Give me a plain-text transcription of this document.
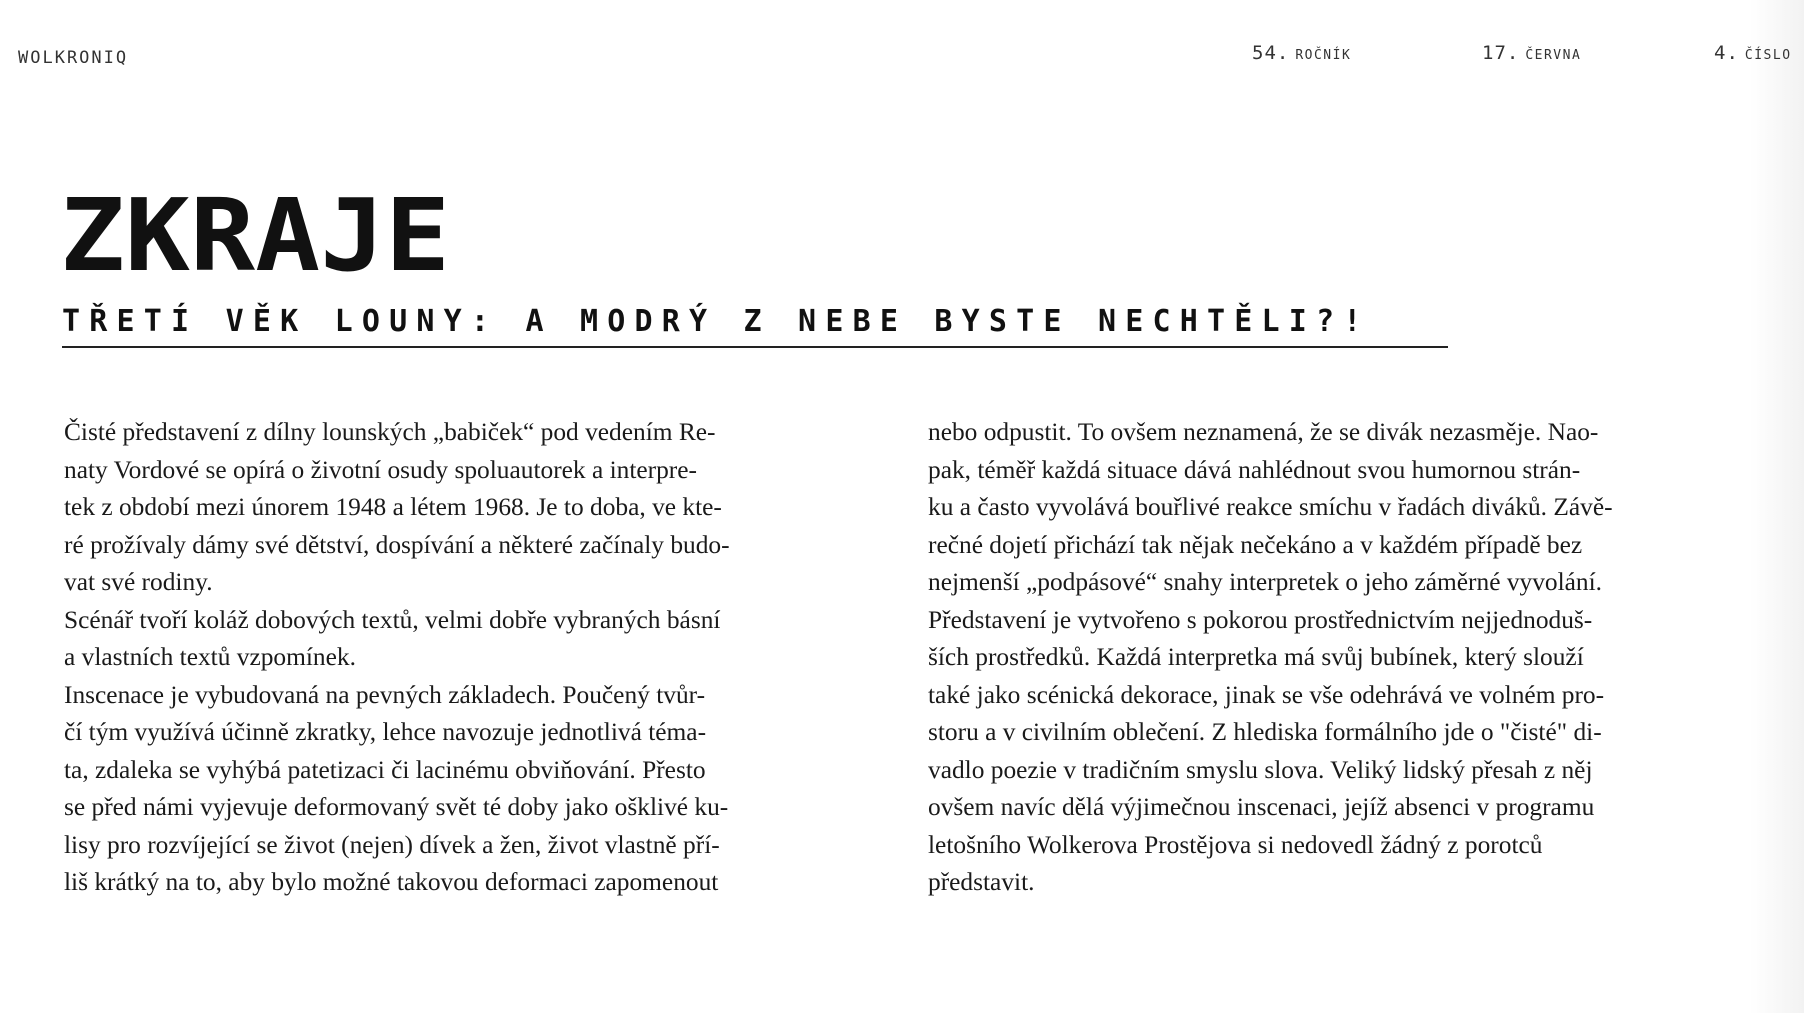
WOLKRONIQ	54. ROČNÍK	17. ČERVNA	4. ČÍSLO
ZKRAJE
TŘETÍ VĚK LOUNY: A MODRÝ Z NEBE BYSTE NECHTĚLI?!
Čisté představení z dílny lounských „babiček“ pod vedením Re-
naty Vordové se opírá o životní osudy spoluautorek a interpre-
tek z období mezi únorem 1948 a létem 1968. Je to doba, ve kte-
ré prožívaly dámy své dětství, dospívání a některé začínaly budo-
vat své rodiny.
Scénář tvoří koláž dobových textů, velmi dobře vybraných básní
a vlastních textů vzpomínek.
Inscenace je vybudovaná na pevných základech. Poučený tvůr-
čí tým využívá účinně zkratky, lehce navozuje jednotlivá téma-
ta, zdaleka se vyhýbá patetizaci či lacinému obviňování. Přesto
se před námi vyjevuje deformovaný svět té doby jako ošklivé ku-
lisy pro rozvíjející se život (nejen) dívek a žen, život vlastně pří-
liš krátký na to, aby bylo možné takovou deformaci zapomenout
nebo odpustit. To ovšem neznamená, že se divák nezasměje. Nao-
pak, téměř každá situace dává nahlédnout svou humornou strán-
ku a často vyvolává bouřlivé reakce smíchu v řadách diváků. Závě-
rečné dojetí přichází tak nějak nečekáno a v každém případě bez
nejmenší „podpásové“ snahy interpretek o jeho záměrné vyvolání.
Představení je vytvořeno s pokorou prostřednictvím nejjednoduš-
ších prostředků. Každá interpretka má svůj bubínek, který slouží
také jako scénická dekorace, jinak se vše odehrává ve volném pro-
storu a v civilním oblečení. Z hlediska formálního jde o "čisté" di-
vadlo poezie v tradičním smyslu slova. Veliký lidský přesah z něj
ovšem navíc dělá výjimečnou inscenaci, jejíž absenci v programu
letošního Wolkerova Prostějova si nedovedl žádný z porotců
představit.
